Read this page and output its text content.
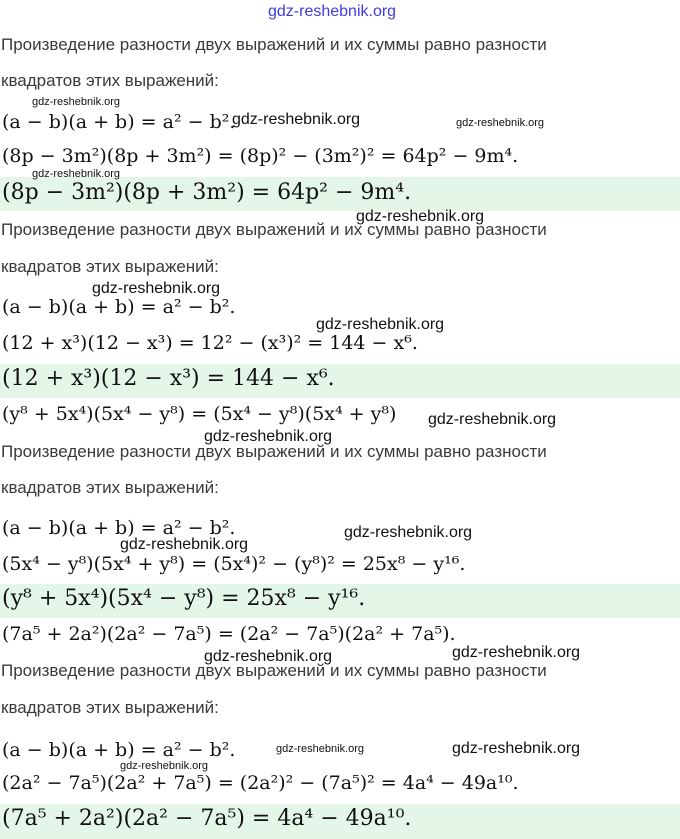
gdz-reshebnik.org
Произведение разности двух выражений и их суммы равно разности
квадратов этих выражений:
(a − b)(a + b) = a² − b².
(8p − 3m²)(8p + 3m²) = (8p)² − (3m²)² = 64p² − 9m⁴.
(8p − 3m²)(8p + 3m²) = 64p² − 9m⁴.
Произведение разности двух выражений и их суммы равно разности
квадратов этих выражений:
(a − b)(a + b) = a² − b².
(12 + x³)(12 − x³) = 12² − (x³)² = 144 − x⁶.
(12 + x³)(12 − x³) = 144 − x⁶.
(y⁸ + 5x⁴)(5x⁴ − y⁸) = (5x⁴ − y⁸)(5x⁴ + y⁸)
Произведение разности двух выражений и их суммы равно разности
квадратов этих выражений:
(a − b)(a + b) = a² − b².
(5x⁴ − y⁸)(5x⁴ + y⁸) = (5x⁴)² − (y⁸)² = 25x⁸ − y¹⁶.
(y⁸ + 5x⁴)(5x⁴ − y⁸) = 25x⁸ − y¹⁶.
(7a⁵ + 2a²)(2a² − 7a⁵) = (2a² − 7a⁵)(2a² + 7a⁵).
Произведение разности двух выражений и их суммы равно разности
квадратов этих выражений:
(a − b)(a + b) = a² − b².
(2a² − 7a⁵)(2a² + 7a⁵) = (2a²)² − (7a⁵)² = 4a⁴ − 49a¹⁰.
(7a⁵ + 2a²)(2a² − 7a⁵) = 4a⁴ − 49a¹⁰.
gdz-reshebnik.org
gdz-reshebnik.org	gdz-reshebnik.org
gdz-reshebnik.org
gdz-reshebnik.org
gdz-reshebnik.org
gdz-reshebnik.org
gdz-reshebnik.org
gdz-reshebnik.org
gdz-reshebnik.org
gdz-reshebnik.org
gdz-reshebnik.org	gdz-reshebnik.org
gdz-reshebnik.org	gdz-reshebnik.org
gdz-reshebnik.org
